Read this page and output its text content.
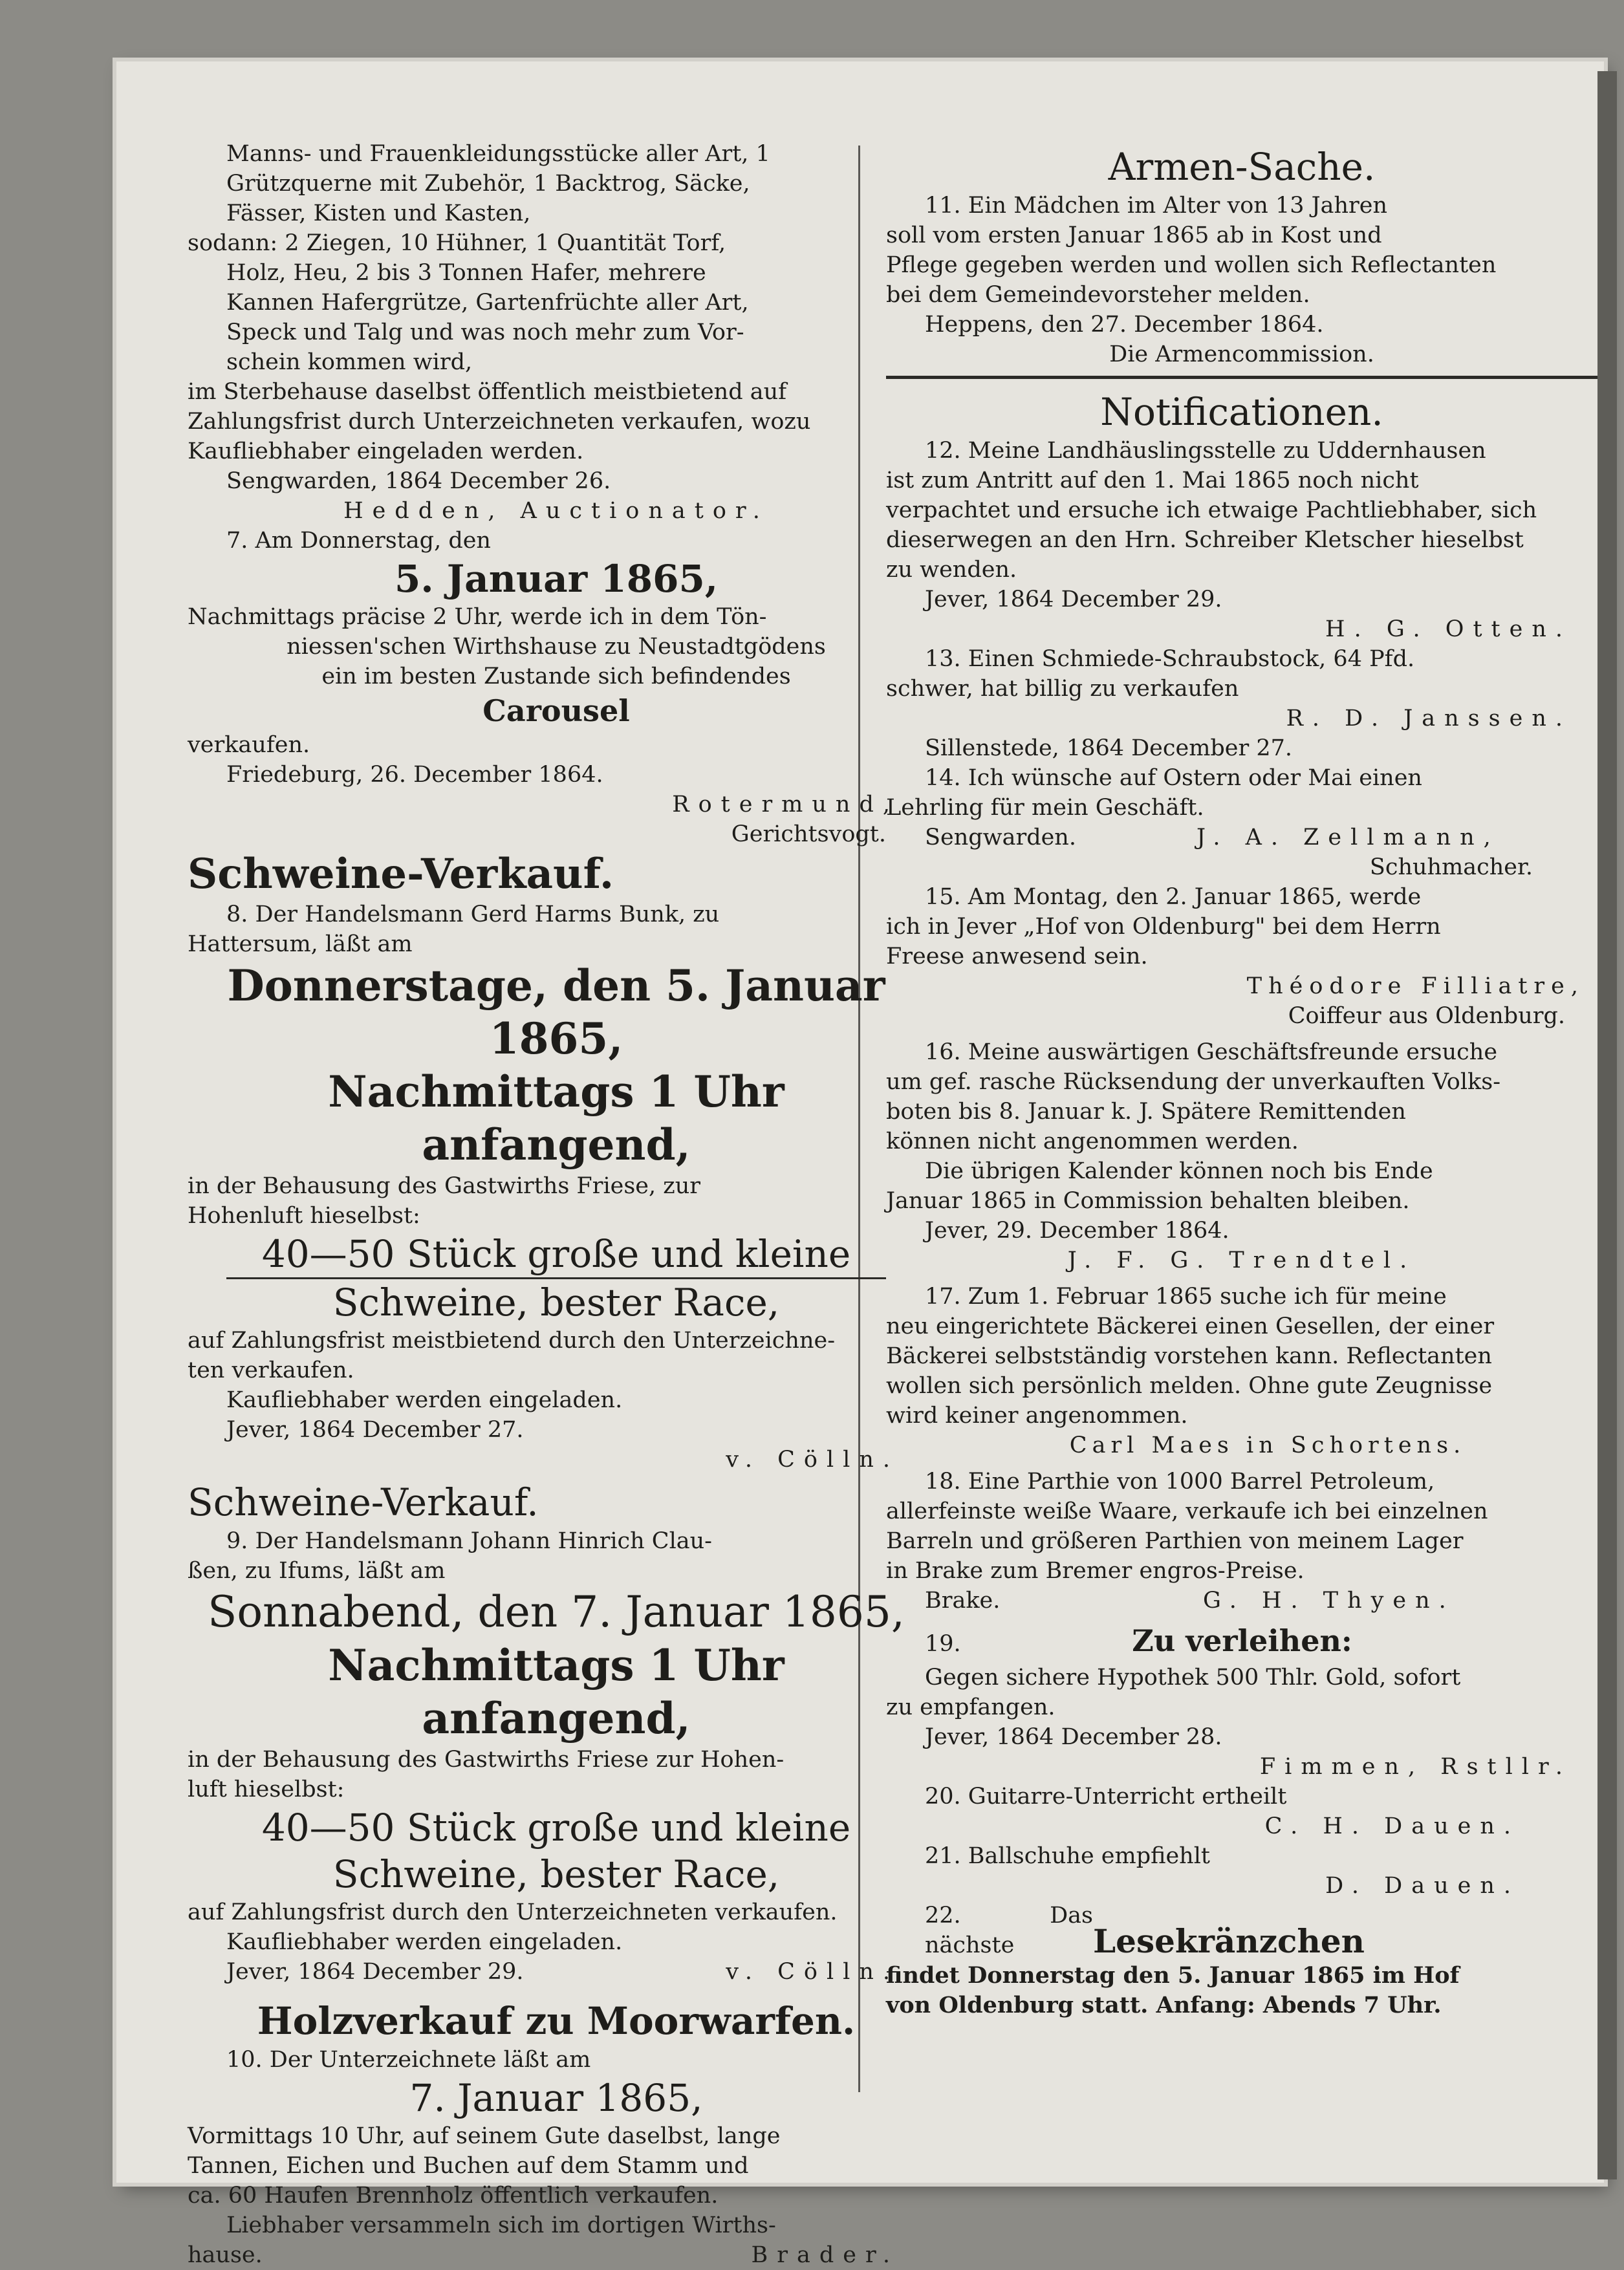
Manns- und Frauenkleidungsstücke aller Art, 1

Grützquerne mit Zubehör, 1 Backtrog, Säcke,

Fässer, Kisten und Kasten,

sodann: 2 Ziegen, 10 Hühner, 1 Quantität Torf,

Holz, Heu, 2 bis 3 Tonnen Hafer, mehrere

Kannen Hafergrütze, Gartenfrüchte aller Art,

Speck und Talg und was noch mehr zum Vor-

schein kommen wird,

im Sterbehause daselbst öffentlich meistbietend auf

Zahlungsfrist durch Unterzeichneten verkaufen, wozu

Kaufliebhaber eingeladen werden.

Sengwarden, 1864 December 26.

Hedden, Auctionator.

7. Am Donnerstag, den

5. Januar 1865,

Nachmittags präcise 2 Uhr, werde ich in dem Tön-

niessen'schen Wirthshause zu Neustadtgödens

ein im besten Zustande sich befindendes

Carousel

verkaufen.

Friedeburg, 26. December 1864.

Rotermund,

Gerichtsvogt.

Schweine-Verkauf.

8. Der Handelsmann Gerd Harms Bunk, zu

Hattersum, läßt am

Donnerstage, den 5. Januar 1865,

Nachmittags 1 Uhr anfangend,

in der Behausung des Gastwirths Friese, zur

Hohenluft hieselbst:

40—50 Stück große und kleine

Schweine, bester Race,

auf Zahlungsfrist meistbietend durch den Unterzeichne-

ten verkaufen.

Kaufliebhaber werden eingeladen.

Jever, 1864 December 27.

v. Cölln.

Schweine-Verkauf.

9. Der Handelsmann Johann Hinrich Clau-

ßen, zu Ifums, läßt am

Sonnabend, den 7. Januar 1865,

Nachmittags 1 Uhr anfangend,

in der Behausung des Gastwirths Friese zur Hohen-

luft hieselbst:

40—50 Stück große und kleine

Schweine, bester Race,

auf Zahlungsfrist durch den Unterzeichneten verkaufen.

Kaufliebhaber werden eingeladen.

Jever, 1864 December 29.	v. Cölln.

Holzverkauf zu Moorwarfen.

10. Der Unterzeichnete läßt am

7. Januar 1865,

Vormittags 10 Uhr, auf seinem Gute daselbst, lange

Tannen, Eichen und Buchen auf dem Stamm und

ca. 60 Haufen Brennholz öffentlich verkaufen.

Liebhaber versammeln sich im dortigen Wirths-

hause.	Brader.

Armen-Sache.

11. Ein Mädchen im Alter von 13 Jahren

soll vom ersten Januar 1865 ab in Kost und

Pflege gegeben werden und wollen sich Reflectanten

bei dem Gemeindevorsteher melden.

Heppens, den 27. December 1864.

Die Armencommission.

Notificationen.

12. Meine Landhäuslingsstelle zu Uddernhausen

ist zum Antritt auf den 1. Mai 1865 noch nicht

verpachtet und ersuche ich etwaige Pachtliebhaber, sich

dieserwegen an den Hrn. Schreiber Kletscher hieselbst

zu wenden.

Jever, 1864 December 29.

H. G. Otten.

13. Einen Schmiede-Schraubstock, 64 Pfd.

schwer, hat billig zu verkaufen

R. D. Janssen.

Sillenstede, 1864 December 27.

14. Ich wünsche auf Ostern oder Mai einen

Lehrling für mein Geschäft.

Sengwarden.	J. A. Zellmann,

Schuhmacher.

15. Am Montag, den 2. Januar 1865, werde

ich in Jever „Hof von Oldenburg" bei dem Herrn

Freese anwesend sein.

Théodore Filliatre,

Coiffeur aus Oldenburg.

16. Meine auswärtigen Geschäftsfreunde ersuche

um gef. rasche Rücksendung der unverkauften Volks-

boten bis 8. Januar k. J. Spätere Remittenden

können nicht angenommen werden.

Die übrigen Kalender können noch bis Ende

Januar 1865 in Commission behalten bleiben.

Jever, 29. December 1864.

J. F. G. Trendtel.

17. Zum 1. Februar 1865 suche ich für meine

neu eingerichtete Bäckerei einen Gesellen, der einer

Bäckerei selbstständig vorstehen kann. Reflectanten

wollen sich persönlich melden. Ohne gute Zeugnisse

wird keiner angenommen.

Carl Maes in Schortens.

18. Eine Parthie von 1000 Barrel Petroleum,

allerfeinste weiße Waare, verkaufe ich bei einzelnen

Barreln und größeren Parthien von meinem Lager

in Brake zum Bremer engros-Preise.

Brake.	G. H. Thyen.

19.	Zu verleihen:

Gegen sichere Hypothek 500 Thlr. Gold, sofort

zu empfangen.

Jever, 1864 December 28.

Fimmen, Rstllr.

20. Guitarre-Unterricht ertheilt

C. H. Dauen.

21. Ballschuhe empfiehlt

D. Dauen.

22. Das nächste Lesekränzchen

findet Donnerstag den 5. Januar 1865 im Hof

von Oldenburg statt. Anfang: Abends 7 Uhr.
